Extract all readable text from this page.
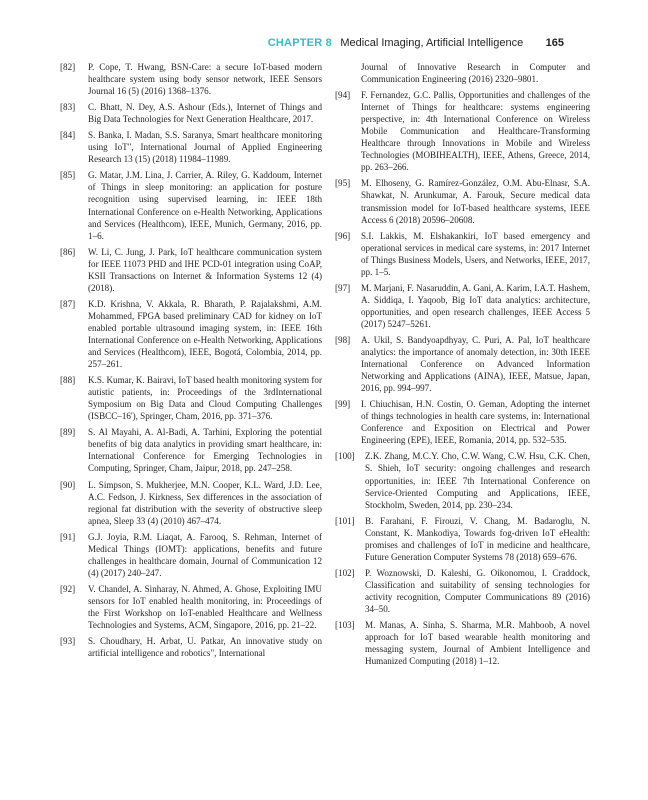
CHAPTER 8 Medical Imaging, Artificial Intelligence 165
[82] P. Cope, T. Hwang, BSN-Care: a secure IoT-based modern healthcare system using body sensor network, IEEE Sensors Journal 16 (5) (2016) 1368–1376.
[83] C. Bhatt, N. Dey, A.S. Ashour (Eds.), Internet of Things and Big Data Technologies for Next Generation Healthcare, 2017.
[84] S. Banka, I. Madan, S.S. Saranya, Smart healthcare monitoring using IoT", International Journal of Applied Engineering Research 13 (15) (2018) 11984–11989.
[85] G. Matar, J.M. Lina, J. Carrier, A. Riley, G. Kaddoum, Internet of Things in sleep monitoring: an application for posture recognition using supervised learning, in: IEEE 18th International Conference on e-Health Networking, Applications and Services (Healthcom), IEEE, Munich, Germany, 2016, pp. 1–6.
[86] W. Li, C. Jung, J. Park, IoT healthcare communication system for IEEE 11073 PHD and IHE PCD-01 integration using CoAP, KSII Transactions on Internet & Information Systems 12 (4) (2018).
[87] K.D. Krishna, V. Akkala, R. Bharath, P. Rajalakshmi, A.M. Mohammed, FPGA based preliminary CAD for kidney on IoT enabled portable ultrasound imaging system, in: IEEE 16th International Conference on e-Health Networking, Applications and Services (Healthcom), IEEE, Bogotá, Colombia, 2014, pp. 257–261.
[88] K.S. Kumar, K. Bairavi, IoT based health monitoring system for autistic patients, in: Proceedings of the 3rdInternational Symposium on Big Data and Cloud Computing Challenges (ISBCC–16'), Springer, Cham, 2016, pp. 371–376.
[89] S. Al Mayahi, A. Al-Badi, A. Tarhini, Exploring the potential benefits of big data analytics in providing smart healthcare, in: International Conference for Emerging Technologies in Computing, Springer, Cham, Jaipur, 2018, pp. 247–258.
[90] L. Simpson, S. Mukherjee, M.N. Cooper, K.L. Ward, J.D. Lee, A.C. Fedson, J. Kirkness, Sex differences in the association of regional fat distribution with the severity of obstructive sleep apnea, Sleep 33 (4) (2010) 467–474.
[91] G.J. Joyia, R.M. Liaqat, A. Farooq, S. Rehman, Internet of Medical Things (IOMT): applications, benefits and future challenges in healthcare domain, Journal of Communication 12 (4) (2017) 240–247.
[92] V. Chandel, A. Sinharay, N. Ahmed, A. Ghose, Exploiting IMU sensors for IoT enabled health monitoring, in: Proceedings of the First Workshop on IoT-enabled Healthcare and Wellness Technologies and Systems, ACM, Singapore, 2016, pp. 21–22.
[93] S. Choudhary, H. Arbat, U. Patkar, An innovative study on artificial intelligence and robotics", International
Journal of Innovative Research in Computer and Communication Engineering (2016) 2320–9801.
[94] F. Fernandez, G.C. Pallis, Opportunities and challenges of the Internet of Things for healthcare: systems engineering perspective, in: 4th International Conference on Wireless Mobile Communication and Healthcare-Transforming Healthcare through Innovations in Mobile and Wireless Technologies (MOBIHEALTH), IEEE, Athens, Greece, 2014, pp. 263–266.
[95] M. Elhoseny, G. Ramírez-González, O.M. Abu-Elnasr, S.A. Shawkat, N. Arunkumar, A. Farouk, Secure medical data transmission model for IoT-based healthcare systems, IEEE Access 6 (2018) 20596–20608.
[96] S.I. Lakkis, M. Elshakankiri, IoT based emergency and operational services in medical care systems, in: 2017 Internet of Things Business Models, Users, and Networks, IEEE, 2017, pp. 1–5.
[97] M. Marjani, F. Nasaruddin, A. Gani, A. Karim, I.A.T. Hashem, A. Siddiqa, I. Yaqoob, Big IoT data analytics: architecture, opportunities, and open research challenges, IEEE Access 5 (2017) 5247–5261.
[98] A. Ukil, S. Bandyoapdhyay, C. Puri, A. Pal, IoT healthcare analytics: the importance of anomaly detection, in: 30th IEEE International Conference on Advanced Information Networking and Applications (AINA), IEEE, Matsue, Japan, 2016, pp. 994–997.
[99] I. Chiuchisan, H.N. Costin, O. Geman, Adopting the internet of things technologies in health care systems, in: International Conference and Exposition on Electrical and Power Engineering (EPE), IEEE, Romania, 2014, pp. 532–535.
[100] Z.K. Zhang, M.C.Y. Cho, C.W. Wang, C.W. Hsu, C.K. Chen, S. Shieh, IoT security: ongoing challenges and research opportunities, in: IEEE 7th International Conference on Service-Oriented Computing and Applications, IEEE, Stockholm, Sweden, 2014, pp. 230–234.
[101] B. Farahani, F. Firouzi, V. Chang, M. Badaroglu, N. Constant, K. Mankodiya, Towards fog-driven IoT eHealth: promises and challenges of IoT in medicine and healthcare, Future Generation Computer Systems 78 (2018) 659–676.
[102] P. Woznowski, D. Kaleshi, G. Oikonomou, I. Craddock, Classification and suitability of sensing technologies for activity recognition, Computer Communications 89 (2016) 34–50.
[103] M. Manas, A. Sinha, S. Sharma, M.R. Mahboob, A novel approach for IoT based wearable health monitoring and messaging system, Journal of Ambient Intelligence and Humanized Computing (2018) 1–12.
